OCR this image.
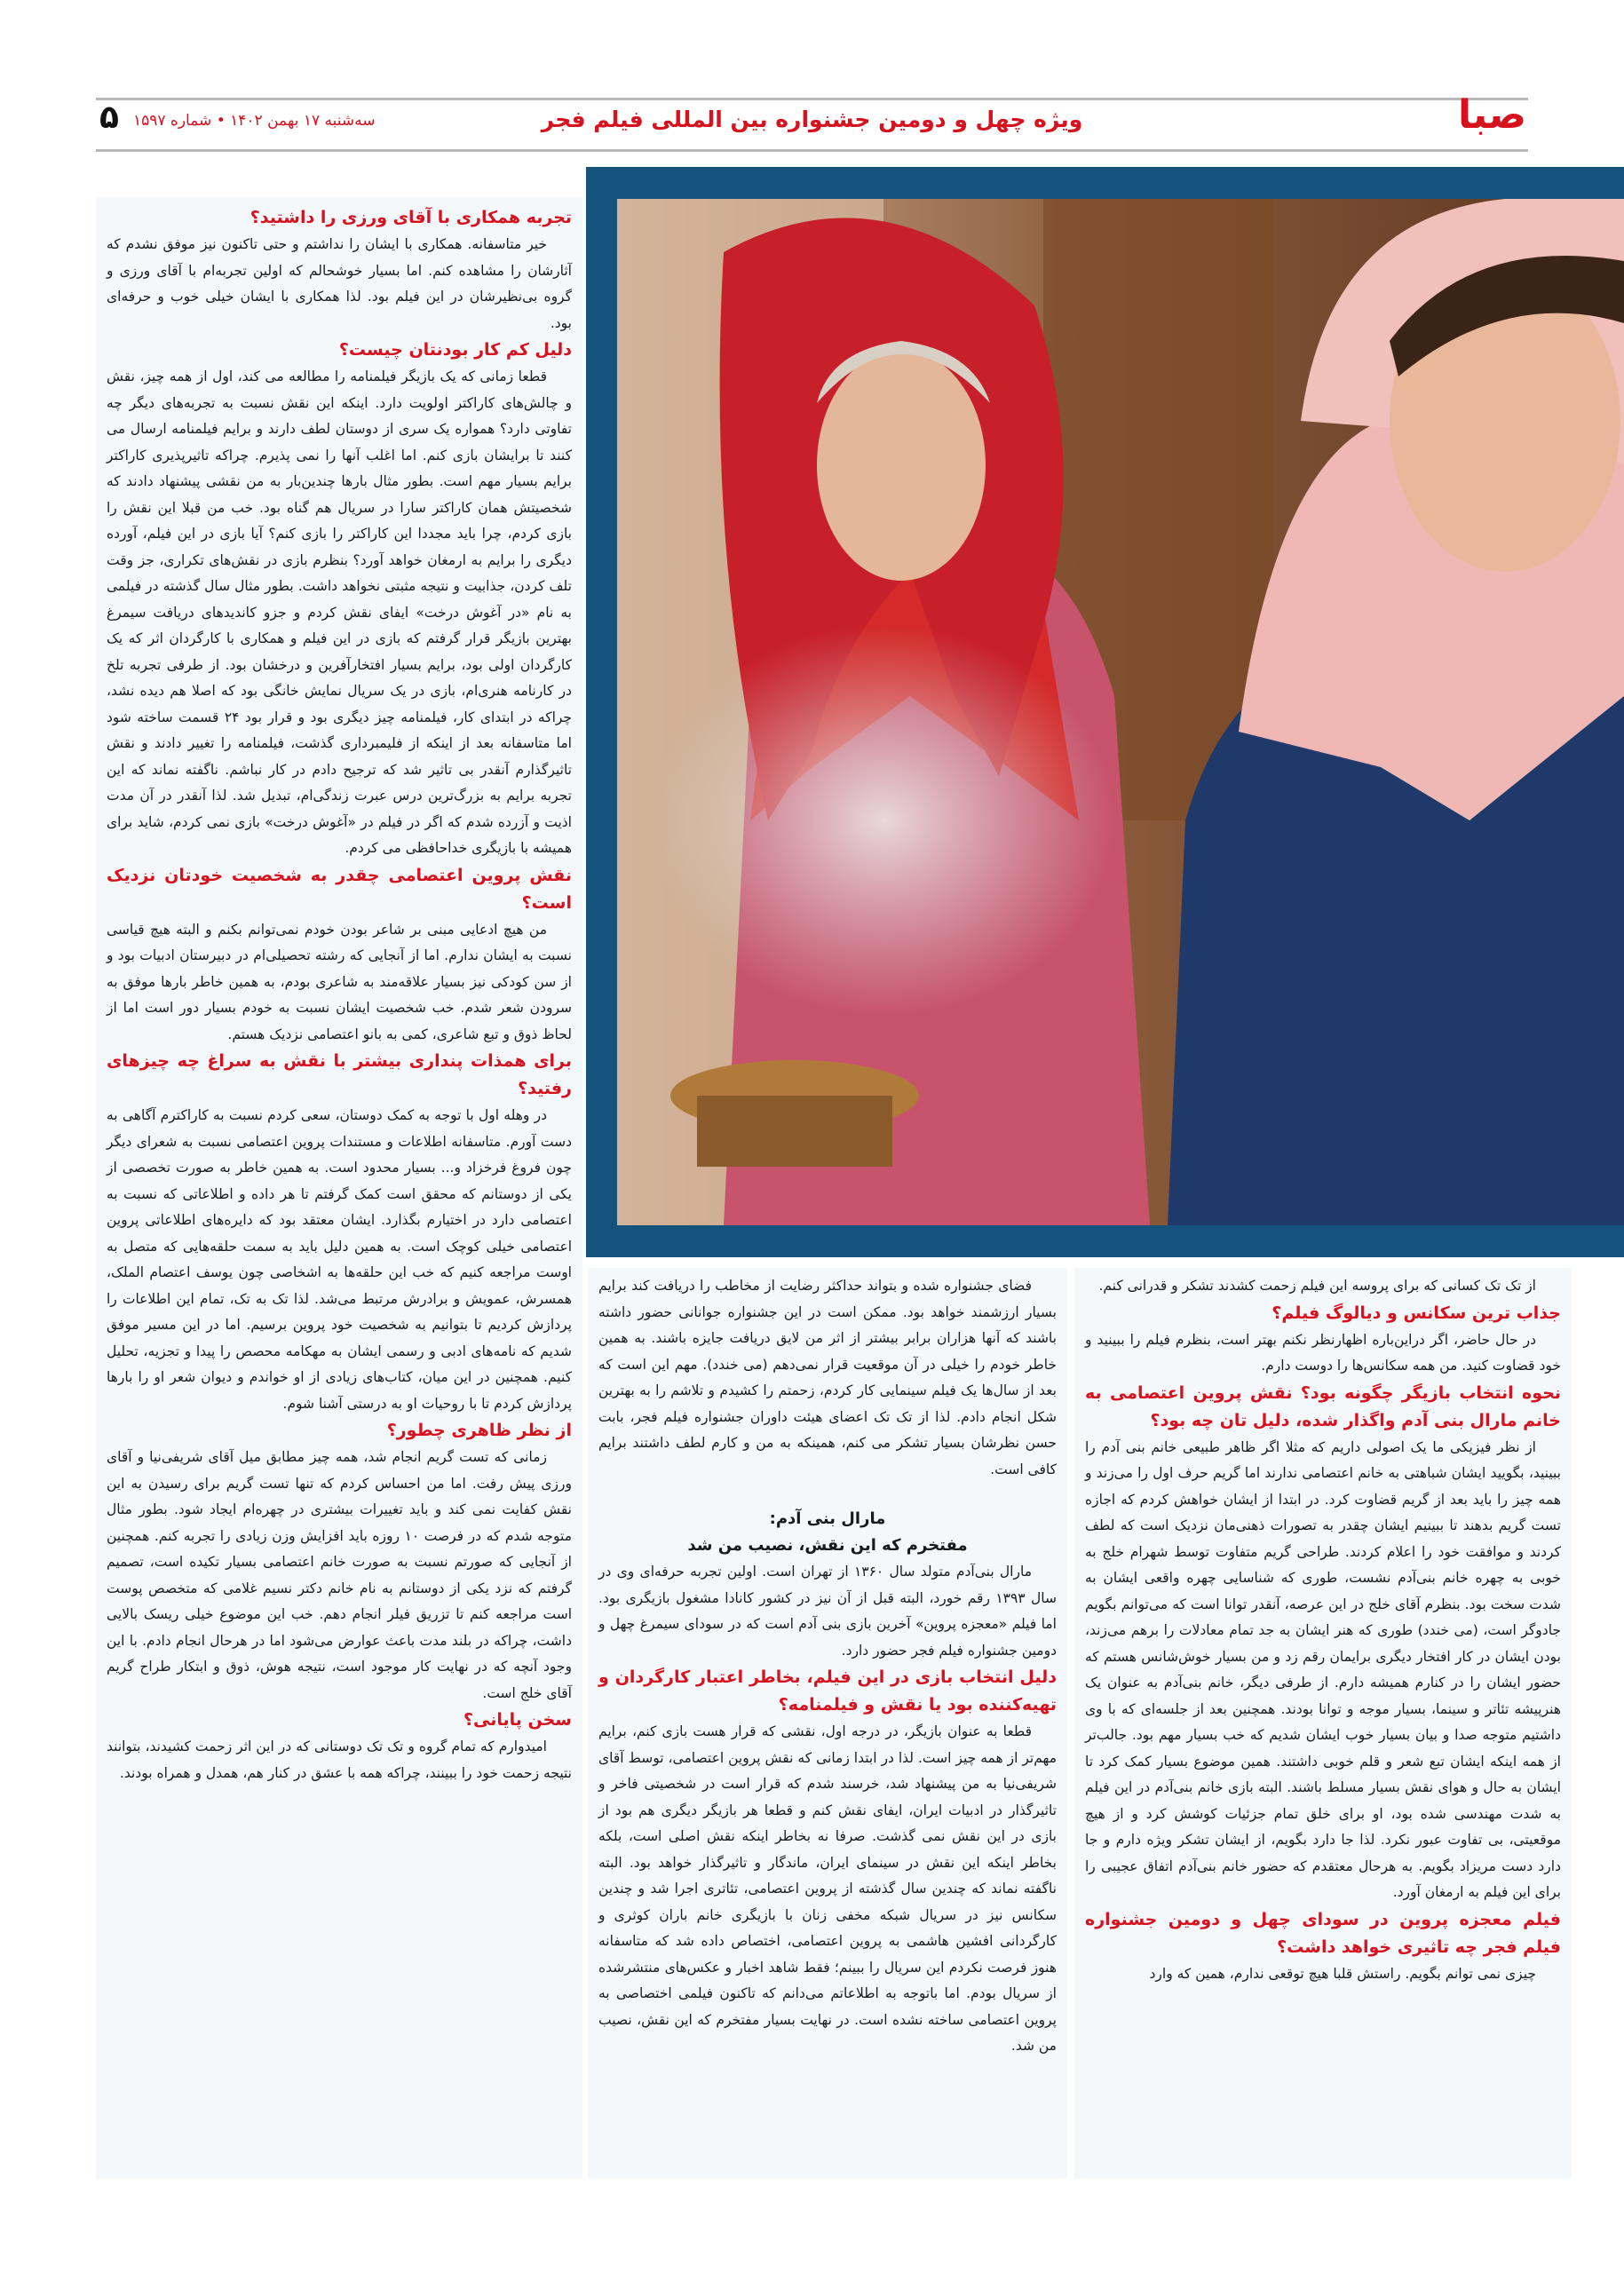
صبا
ویژه چهل و دومین جشنواره بین المللی فیلم فجر
سه‌شنبه ۱۷ بهمن ۱۴۰۲ • شماره ۱۵۹۷
۵
تجربه همکاری با آقای ورزی را داشتید؟

خیر متاسفانه. همکاری با ایشان را نداشتم و حتی تاکنون نیز موفق نشدم که آثارشان را مشاهده کنم. اما بسیار خوشحالم که اولین تجربه‌ام با آقای ورزی و گروه بی‌نظیرشان در این فیلم بود. لذا همکاری با ایشان خیلی خوب و حرفه‌ای بود.

دلیل کم کار بودنتان چیست؟

قطعا زمانی که یک بازیگر فیلمنامه را مطالعه می کند، اول از همه چیز، نقش و چالش‌های کاراکتر اولویت دارد. اینکه این نقش نسبت به تجربه‌های دیگر چه تفاوتی دارد؟ همواره یک سری از دوستان لطف دارند و برایم فیلمنامه ارسال می کنند تا برایشان بازی کنم. اما اغلب آنها را نمی پذیرم. چراکه تاثیرپذیری کاراکتر برایم بسیار مهم است. بطور مثال بارها چندین‌بار به من نقشی پیشنهاد دادند که شخصیتش همان کاراکتر سارا در سریال هم گناه بود. خب من قبلا این نقش را بازی کردم، چرا باید مجددا این کاراکتر را بازی کنم؟ آیا بازی در این فیلم، آورده دیگری را برایم به ارمغان خواهد آورد؟ بنظرم بازی در نقش‌های تکراری، جز وقت تلف کردن، جذابیت و نتیجه مثبتی نخواهد داشت. بطور مثال سال گذشته در فیلمی به نام «در آغوش درخت» ایفای نقش کردم و جزو کاندیدهای دریافت سیمرغ بهترین بازیگر قرار گرفتم که بازی در این فیلم و همکاری با کارگردان اثر که یک کارگردان اولی بود، برایم بسیار افتخارآفرین و درخشان بود. از طرفی تجربه تلخ در کارنامه هنری‌ام، بازی در یک سریال نمایش خانگی بود که اصلا هم دیده نشد، چراکه در ابتدای کار، فیلمنامه چیز دیگری بود و قرار بود ۲۴ قسمت ساخته شود اما متاسفانه بعد از اینکه از فلیمبرداری گذشت، فیلمنامه را تغییر دادند و نقش تاثیرگذارم آنقدر بی تاثیر شد که ترجیح دادم در کار نباشم. ناگفته نماند که این تجربه برایم به بزرگ‌ترین درس عبرت زندگی‌ام، تبدیل شد. لذا آنقدر در آن مدت اذیت و آزرده شدم که اگر در فیلم در «آغوش درخت» بازی نمی کردم، شاید برای همیشه با بازیگری خداحافظی می کردم.

نقش پروین اعتصامی چقدر به شخصیت خودتان نزدیک است؟

من هیچ ادعایی مبنی بر شاعر بودن خودم نمی‌توانم بکنم و البته هیچ قیاسی نسبت به ایشان ندارم. اما از آنجایی که رشته تحصیلی‌ام در دبیرستان ادبیات بود و از سن کودکی نیز بسیار علاقه‌مند به شاعری بودم، به همین خاطر بارها موفق به سرودن شعر شدم. خب شخصیت ایشان نسبت به خودم بسیار دور است اما از لحاظ ذوق و تبع شاعری، کمی به بانو اعتصامی نزدیک هستم.

برای همذات پنداری بیشتر با نقش به سراغ چه چیزهای رفتید؟

در وهله اول با توجه به کمک دوستان، سعی کردم نسبت به کاراکترم آگاهی به دست آورم. متاسفانه اطلاعات و مستندات پروین اعتصامی نسبت به شعرای دیگر چون فروغ فرخزاد و... بسیار محدود است. به همین خاطر به صورت تخصصی از یکی از دوستانم که محقق است کمک گرفتم تا هر داده و اطلاعاتی که نسبت به اعتصامی دارد در اختیارم بگذارد. ایشان معتقد بود که دایره‌های اطلاعاتی پروین اعتصامی خیلی کوچک است. به همین دلیل باید به سمت حلقه‌هایی که متصل به اوست مراجعه کنیم که خب این حلقه‌ها به اشخاصی چون یوسف اعتصام الملک، همسرش، عمویش و برادرش مرتبط می‌شد. لذا تک به تک، تمام این اطلاعات را پردازش کردیم تا بتوانیم به شخصیت خود پروین برسیم. اما در این مسیر موفق شدیم که نامه‌های ادبی و رسمی ایشان به مهکامه محصص را پیدا و تجزیه، تحلیل کنیم. همچنین در این میان، کتاب‌های زیادی از او خواندم و دیوان شعر او را بارها پردازش کردم تا با روحیات او به درستی آشنا شوم.

از نظر ظاهری چطور؟

زمانی که تست گریم انجام شد، همه چیز مطابق میل آقای شریفی‌نیا و آقای ورزی پیش رفت. اما من احساس کردم که تنها تست گریم برای رسیدن به این نقش کفایت نمی کند و باید تغییرات بیشتری در چهره‌ام ایجاد شود. بطور مثال متوجه شدم که در فرصت ۱۰ روزه باید افزایش وزن زیادی را تجربه کنم. همچنین از آنجایی که صورتم نسبت به صورت خانم اعتصامی بسیار تکیده است، تصمیم گرفتم که نزد یکی از دوستانم به نام خانم دکتر نسیم غلامی که متخصص پوست است مراجعه کنم تا تزریق فیلر انجام دهم. خب این موضوع خیلی ریسک بالایی داشت، چراکه در بلند مدت باعث عوارض می‌شود اما در هرحال انجام دادم. با این وجود آنچه که در نهایت کار موجود است، نتیجه هوش، ذوق و ابتکار طراح گریم آقای خلج است.

سخن پایانی؟

امیدوارم که تمام گروه و تک تک دوستانی که در این اثر زحمت کشیدند، بتوانند نتیجه زحمت خود را ببینند، چراکه همه با عشق در کنار هم، همدل و همراه بودند.

از تک تک کسانی که برای پروسه این فیلم زحمت کشدند تشکر و قدرانی کنم.

جذاب ترین سکانس و دیالوگ فیلم؟

در حال حاضر، اگر دراین‌باره اظهارنظر نکنم بهتر است، بنظرم فیلم را ببینید و خود قضاوت کنید. من همه سکانس‌ها را دوست دارم.

نحوه انتخاب بازیگر چگونه بود؟ نقش پروین اعتصامی به خانم مارال بنی آدم واگذار شده، دلیل تان چه بود؟

از نظر فیزیکی ما یک اصولی داریم که مثلا اگر ظاهر طبیعی خانم بنی آدم را ببینید، بگویید ایشان شباهتی به خانم اعتصامی ندارند اما گریم حرف اول را می‌زند و همه چیز را باید بعد از گریم قضاوت کرد. در ابتدا از ایشان خواهش کردم که اجازه تست گریم بدهند تا ببینیم ایشان چقدر به تصورات ذهنی‌مان نزدیک است که لطف کردند و موافقت خود را اعلام کردند. طراحی گریم متفاوت توسط شهرام خلج به خوبی به چهره خانم بنی‌آدم نشست، طوری که شناسایی چهره واقعی ایشان به شدت سخت بود. بنظرم آقای خلج در این عرصه، آنقدر توانا است که می‌توانم بگویم جادوگر است، (می خندد) طوری که هنر ایشان به جد تمام معادلات را برهم می‌زند، بودن ایشان در کار افتخار دیگری برایمان رقم زد و من بسیار خوش‌شانس هستم که حضور ایشان را در کنارم همیشه دارم. از طرفی دیگر، خانم بنی‌آدم به عنوان یک هنرپیشه تئاتر و سینما، بسیار موجه و توانا بودند. همچنین بعد از جلسه‌ای که با وی داشتیم متوجه صدا و بیان بسیار خوب ایشان شدیم که خب بسیار مهم بود. جالب‌تر از همه اینکه ایشان تبع شعر و قلم خوبی داشتند. همین موضوع بسیار کمک کرد تا ایشان به حال و هوای نقش بسیار مسلط باشند. البته بازی خانم بنی‌آدم در این فیلم به شدت مهندسی شده بود، او برای خلق تمام جزئیات کوشش کرد و از هیچ موقعیتی، بی تفاوت عبور نکرد. لذا جا دارد بگویم، از ایشان تشکر ویژه دارم و جا دارد دست مریزاد بگویم. به هرحال معتقدم که حضور خانم بنی‌آدم اتفاق عجیبی را برای این فیلم به ارمغان آورد.

فیلم معجزه پروین در سودای چهل و دومین جشنواره فیلم فجر چه تاثیری خواهد داشت؟

چیزی نمی توانم بگویم. راستش قلبا هیچ توقعی ندارم، همین که وارد

فضای جشنواره شده و بتواند حداکثر رضایت از مخاطب را دریافت کند برایم بسیار ارزشمند خواهد بود. ممکن است در این جشنواره جوانانی حضور داشته باشند که آنها هزاران برابر بیشتر از اثر من لایق دریافت جایزه باشند. به همین خاطر خودم را خیلی در آن موقعیت قرار نمی‌دهم (می خندد). مهم این است که بعد از سال‌ها یک فیلم سینمایی کار کردم، زحمتم را کشیدم و تلاشم را به بهترین شکل انجام دادم. لذا از تک تک اعضای هیئت داوران جشنواره فیلم فجر، بابت حسن نظرشان بسیار تشکر می کنم، همینکه به من و کارم لطف داشتند برایم کافی است.

مارال بنی آدم:
مفتخرم که این نقش، نصیب من شد

مارال بنی‌آدم متولد سال ۱۳۶۰ از تهران است. اولین تجربه حرفه‌ای وی در سال ۱۳۹۳ رقم خورد، البته قبل از آن نیز در کشور کانادا مشغول بازیگری بود. اما فیلم «معجزه پروین» آخرین بازی بنی آدم است که در سودای سیمرغ چهل و دومین جشنواره فیلم فجر حضور دارد.

دلیل انتخاب بازی در این فیلم، بخاطر اعتبار کارگردان و تهیه‌کننده بود یا نقش و فیلمنامه؟

قطعا به عنوان بازیگر، در درجه اول، نقشی که قرار هست بازی کنم، برایم مهم‌تر از همه چیز است. لذا در ابتدا زمانی که نقش پروین اعتصامی، توسط آقای شریفی‌نیا به من پیشنهاد شد، خرسند شدم که قرار است در شخصیتی فاخر و تاثیرگذار در ادبیات ایران، ایفای نقش کنم و قطعا هر بازیگر دیگری هم بود از بازی در این نقش نمی گذشت. صرفا نه بخاطر اینکه نقش اصلی است، بلکه بخاطر اینکه این نقش در سینمای ایران، ماندگار و تاثیرگذار خواهد بود. البته ناگفته نماند که چندین سال گذشته از پروین اعتصامی، تئاتری اجرا شد و چندین سکانس نیز در سریال شبکه مخفی زنان با بازیگری خانم باران کوثری و کارگردانی افشین هاشمی به پروین اعتصامی، اختصاص داده شد که متاسفانه هنوز فرصت نکردم این سریال را ببینم؛ فقط شاهد اخبار و عکس‌های منتشرشده از سریال بودم. اما باتوجه به اطلاعاتم می‌دانم که تاکنون فیلمی اختصاصی به پروین اعتصامی ساخته نشده است. در نهایت بسیار مفتخرم که این نقش، نصیب من شد.
